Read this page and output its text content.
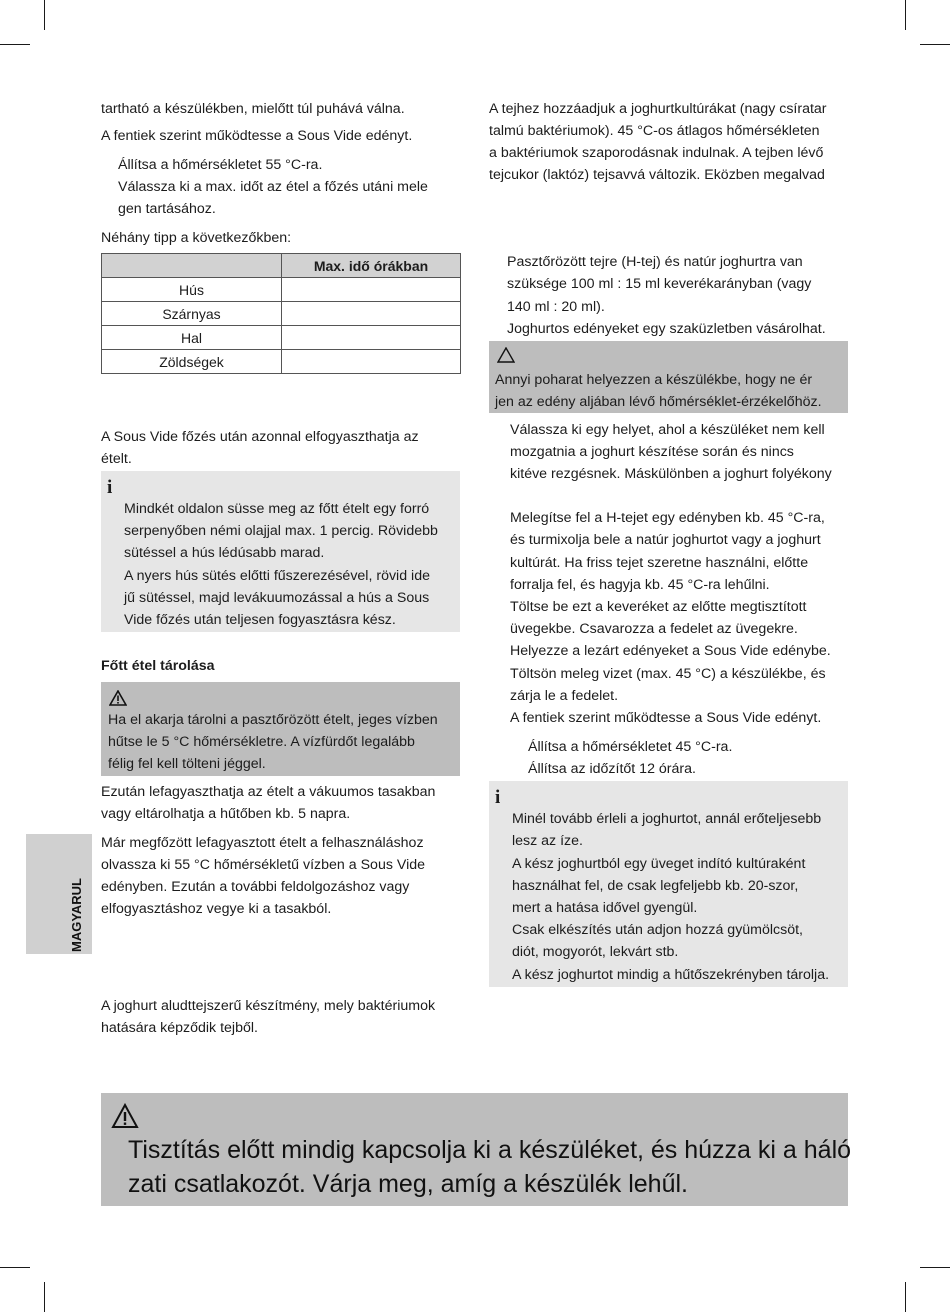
MAGYARUL

tartható a készülékben, mielőtt túl puhává válna.

A fentiek szerint működtesse a Sous Vide edényt.

Állítsa a hőmérsékletet 55 °C-ra.

Válassza ki a max. időt az étel a főzés utáni mele

gen tartásához.

Néhány tipp a következőkben:

	Max. idő órákban
Hús	
Szárnyas	
Hal	
Zöldségek	

A Sous Vide főzés után azonnal elfogyaszthatja az

ételt.

i

Mindkét oldalon süsse meg az főtt ételt egy forró

serpenyőben némi olajjal max. 1 percig. Rövidebb

sütéssel a hús lédúsabb marad.

A nyers hús sütés előtti fűszerezésével, rövid ide

jű sütéssel, majd levákuumozással a hús a Sous

Vide főzés után teljesen fogyasztásra kész.

Főtt étel tárolása

Ha el akarja tárolni a pasztőrözött ételt, jeges vízben

hűtse le 5 °C hőmérsékletre. A vízfürdőt legalább

félig fel kell tölteni jéggel.

Ezután lefagyaszthatja az ételt a vákuumos tasakban

vagy eltárolhatja a hűtőben kb. 5 napra.

Már megfőzött lefagyasztott ételt a felhasználáshoz

olvassza ki 55 °C hőmérsékletű vízben a Sous Vide

edényben. Ezután a további feldolgozáshoz vagy

elfogyasztáshoz vegye ki a tasakból.

A joghurt aludttejszerű készítmény, mely baktériumok

hatására képződik tejből.

A tejhez hozzáadjuk a joghurtkultúrákat (nagy csíratar

talmú baktériumok). 45 °C-os átlagos hőmérsékleten

a baktériumok szaporodásnak indulnak. A tejben lévő

tejcukor (laktóz) tejsavvá változik. Eközben megalvad

Pasztőrözött tejre (H-tej) és natúr joghurtra van

szüksége 100 ml : 15 ml keverékarányban (vagy

140 ml : 20 ml).

Joghurtos edényeket egy szaküzletben vásárolhat.

Annyi poharat helyezzen a készülékbe, hogy ne ér

jen az edény aljában lévő hőmérséklet-érzékelőhöz.

Válassza ki egy helyet, ahol a készüléket nem kell

mozgatnia a joghurt készítése során és nincs

kitéve rezgésnek. Máskülönben a joghurt folyékony

Melegítse fel a H-tejet egy edényben kb. 45 °C-ra,

és turmixolja bele a natúr joghurtot vagy a joghurt

kultúrát. Ha friss tejet szeretne használni, előtte

forralja fel, és hagyja kb. 45 °C-ra lehűlni.

Töltse be ezt a keveréket az előtte megtisztított

üvegekbe. Csavarozza a fedelet az üvegekre.

Helyezze a lezárt edényeket a Sous Vide edénybe.

Töltsön meleg vizet (max. 45 °C) a készülékbe, és

zárja le a fedelet.

A fentiek szerint működtesse a Sous Vide edényt.

Állítsa a hőmérsékletet 45 °C-ra.

Állítsa az időzítőt 12 órára.

i

Minél tovább érleli a joghurtot, annál erőteljesebb

lesz az íze.

A kész joghurtból egy üveget indító kultúraként

használhat fel, de csak legfeljebb kb. 20-szor,

mert a hatása idővel gyengül.

Csak elkészítés után adjon hozzá gyümölcsöt,

diót, mogyorót, lekvárt stb.

A kész joghurtot mindig a hűtőszekrényben tárolja.

Tisztítás előtt mindig kapcsolja ki a készüléket, és húzza ki a háló

zati csatlakozót. Várja meg, amíg a készülék lehűl.
